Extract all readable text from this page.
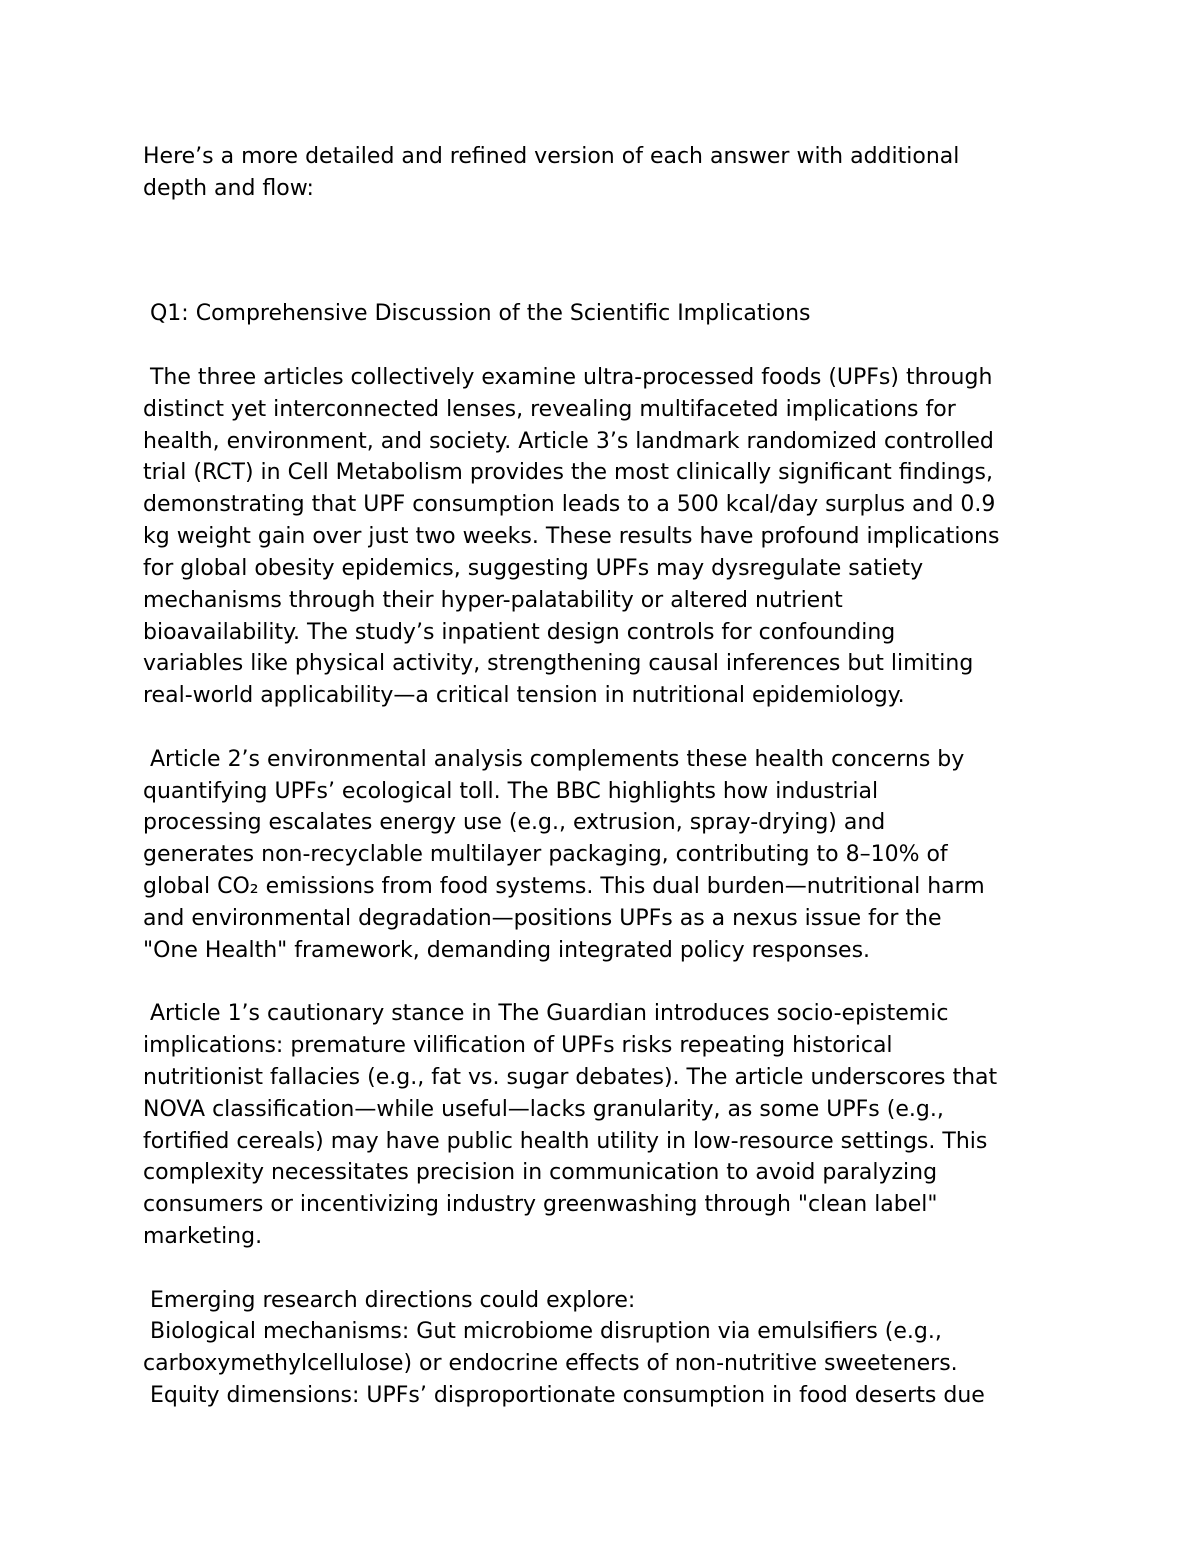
Here’s a more detailed and refined version of each answer with additional

depth and flow:

Q1: Comprehensive Discussion of the Scientific Implications

The three articles collectively examine ultra-processed foods (UPFs) through

distinct yet interconnected lenses, revealing multifaceted implications for

health, environment, and society. Article 3’s landmark randomized controlled

trial (RCT) in Cell Metabolism provides the most clinically significant findings,

demonstrating that UPF consumption leads to a 500 kcal/day surplus and 0.9

kg weight gain over just two weeks. These results have profound implications

for global obesity epidemics, suggesting UPFs may dysregulate satiety

mechanisms through their hyper-palatability or altered nutrient

bioavailability. The study’s inpatient design controls for confounding

variables like physical activity, strengthening causal inferences but limiting

real-world applicability—a critical tension in nutritional epidemiology.

Article 2’s environmental analysis complements these health concerns by

quantifying UPFs’ ecological toll. The BBC highlights how industrial

processing escalates energy use (e.g., extrusion, spray-drying) and

generates non-recyclable multilayer packaging, contributing to 8–10% of

global CO₂ emissions from food systems. This dual burden—nutritional harm

and environmental degradation—positions UPFs as a nexus issue for the

"One Health" framework, demanding integrated policy responses.

Article 1’s cautionary stance in The Guardian introduces socio-epistemic

implications: premature vilification of UPFs risks repeating historical

nutritionist fallacies (e.g., fat vs. sugar debates). The article underscores that

NOVA classification—while useful—lacks granularity, as some UPFs (e.g.,

fortified cereals) may have public health utility in low-resource settings. This

complexity necessitates precision in communication to avoid paralyzing

consumers or incentivizing industry greenwashing through "clean label"

marketing.

Emerging research directions could explore:

Biological mechanisms: Gut microbiome disruption via emulsifiers (e.g.,

carboxymethylcellulose) or endocrine effects of non-nutritive sweeteners.

Equity dimensions: UPFs’ disproportionate consumption in food deserts due
